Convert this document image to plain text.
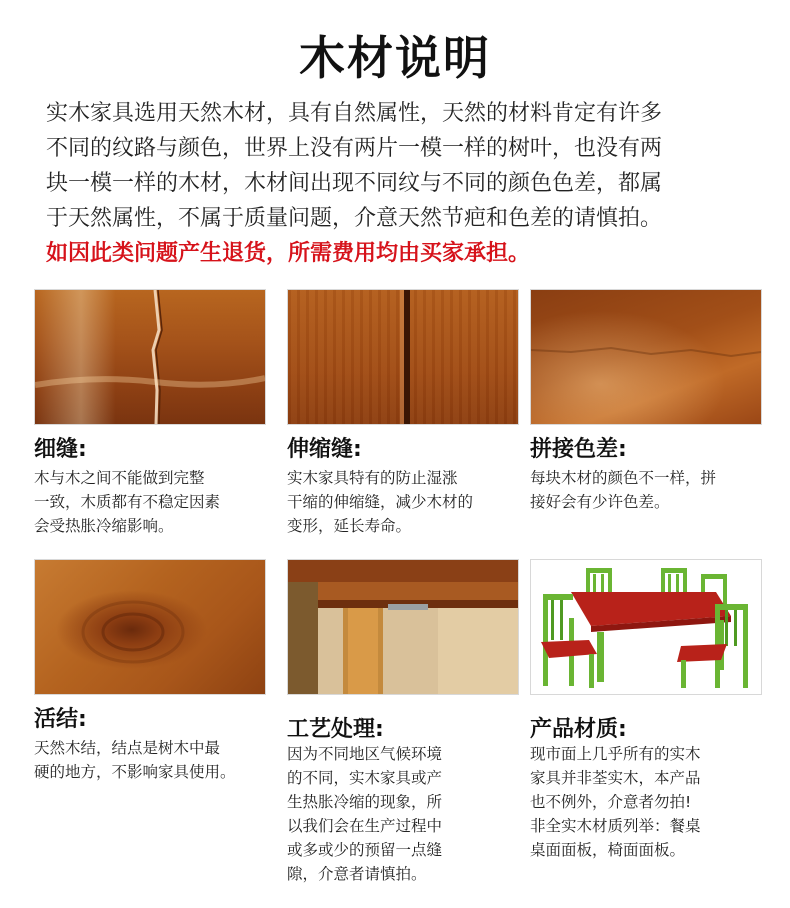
木材说明

实木家具选用天然木材，具有自然属性，天然的材料肯定有许多

不同的纹路与颜色，世界上没有两片一模一样的树叶，也没有两

块一模一样的木材，木材间出现不同纹与不同的颜色色差，都属

于天然属性，不属于质量问题，介意天然节疤和色差的请慎拍。

如因此类问题产生退货，所需费用均由买家承担。

细缝:
木与木之间不能做到完整
一致，木质都有不稳定因素
会受热胀冷缩影响。
伸缩缝:
实木家具特有的防止湿涨
干缩的伸缩缝，减少木材的
变形，延长寿命。
拼接色差:
每块木材的颜色不一样，拼
接好会有少许色差。
活结:
天然木结，结点是树木中最
硬的地方，不影响家具使用。
工艺处理:
因为不同地区气候环境
的不同，实木家具或产
生热胀冷缩的现象，所
以我们会在生产过程中
或多或少的预留一点缝
隙，介意者请慎拍。
产品材质:
现市面上几乎所有的实木
家具并非荃实木，本产品
也不例外，介意者勿拍!
非全实木材质列举：餐桌
桌面面板，椅面面板。
